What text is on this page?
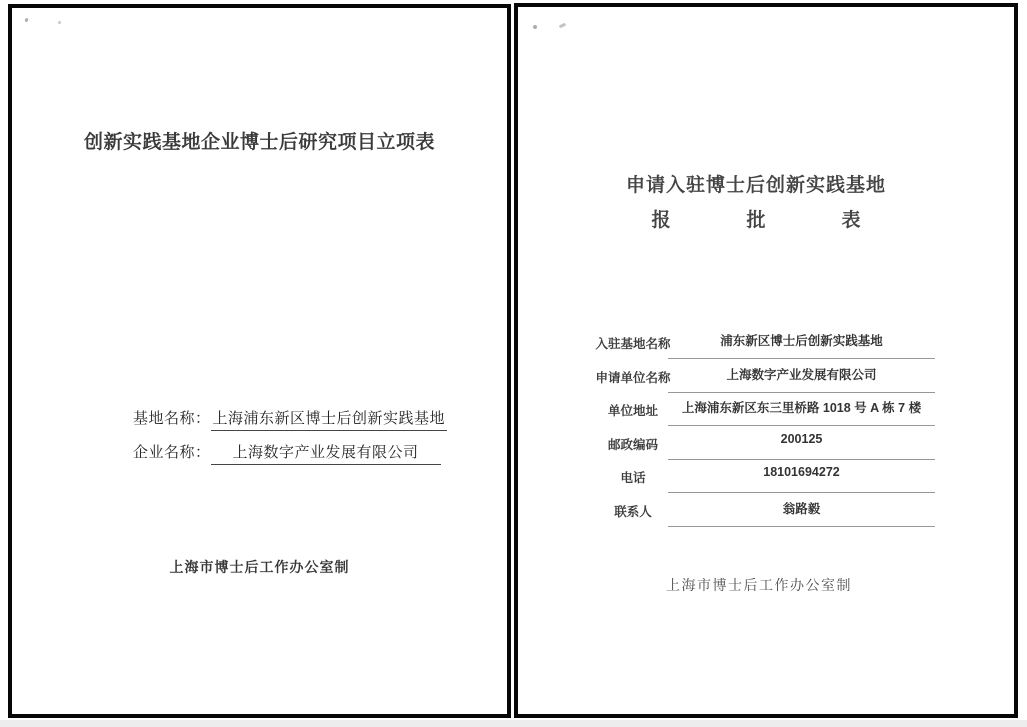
创新实践基地企业博士后研究项目立项表
基地名称： 上海浦东新区博士后创新实践基地
企业名称： 上海数字产业发展有限公司
上海市博士后工作办公室制
申请入驻博士后创新实践基地
报　　　　批　　　　表
入驻基地名称	浦东新区博士后创新实践基地
申请单位名称	上海数字产业发展有限公司
单位地址	上海浦东新区东三里桥路 1018 号 A 栋 7 楼
邮政编码	200125
电话	18101694272
联系人	翁路毅
上海市博士后工作办公室制
